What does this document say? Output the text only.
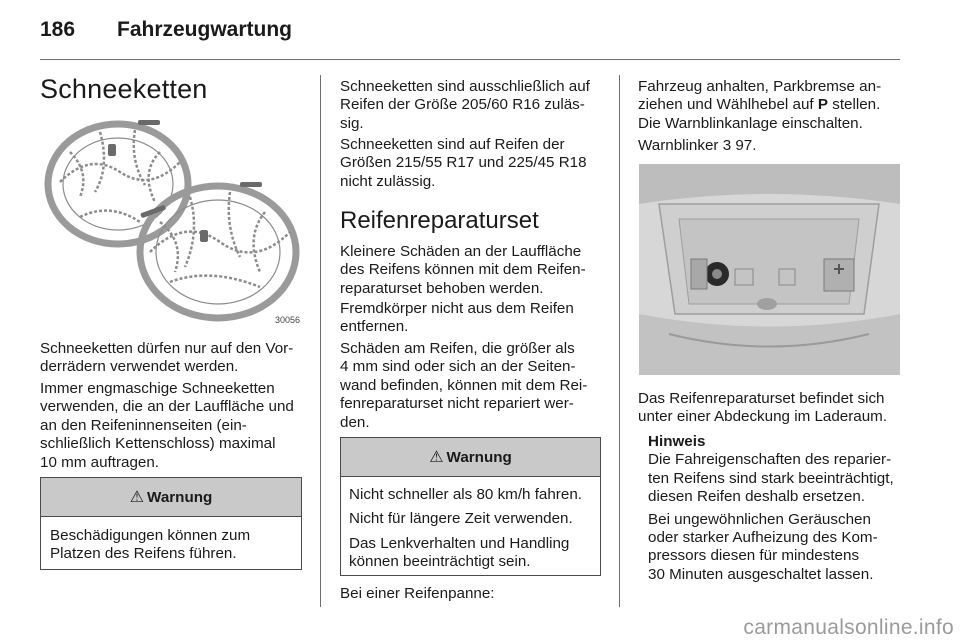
186 Fahrzeugwartung
Schneeketten
30056

Schneeketten dürfen nur auf den Vor-
derrädern verwendet werden.

Immer engmaschige Schneeketten
verwenden, die an der Lauffläche und
an den Reifeninnenseiten (ein-
schließlich Kettenschloss) maximal
10 mm auftragen.

⚠ Warnung

Beschädigungen können zum
Platzen des Reifens führen.

Schneeketten sind ausschließlich auf
Reifen der Größe 205/60 R16 zuläs-
sig.

Schneeketten sind auf Reifen der
Größen 215/55 R17 und 225/45 R18
nicht zulässig.

Reifenreparaturset

Kleinere Schäden an der Lauffläche
des Reifens können mit dem Reifen-
reparaturset behoben werden.

Fremdkörper nicht aus dem Reifen
entfernen.

Schäden am Reifen, die größer als
4 mm sind oder sich an der Seiten-
wand befinden, können mit dem Rei-
fenreparaturset nicht repariert wer-
den.

⚠ Warnung

Nicht schneller als 80 km/h fahren.

Nicht für längere Zeit verwenden.

Das Lenkverhalten und Handling
können beeinträchtigt sein.

Bei einer Reifenpanne:

Fahrzeug anhalten, Parkbremse an-
ziehen und Wählhebel auf P stellen.
Die Warnblinkanlage einschalten.

Warnblinker 3 97.

Das Reifenreparaturset befindet sich
unter einer Abdeckung im Laderaum.

Hinweis

Die Fahreigenschaften des reparier-
ten Reifens sind stark beeinträchtigt,
diesen Reifen deshalb ersetzen.

Bei ungewöhnlichen Geräuschen
oder starker Aufheizung des Kom-
pressors diesen für mindestens
30 Minuten ausgeschaltet lassen.

carmanualsonline.info
